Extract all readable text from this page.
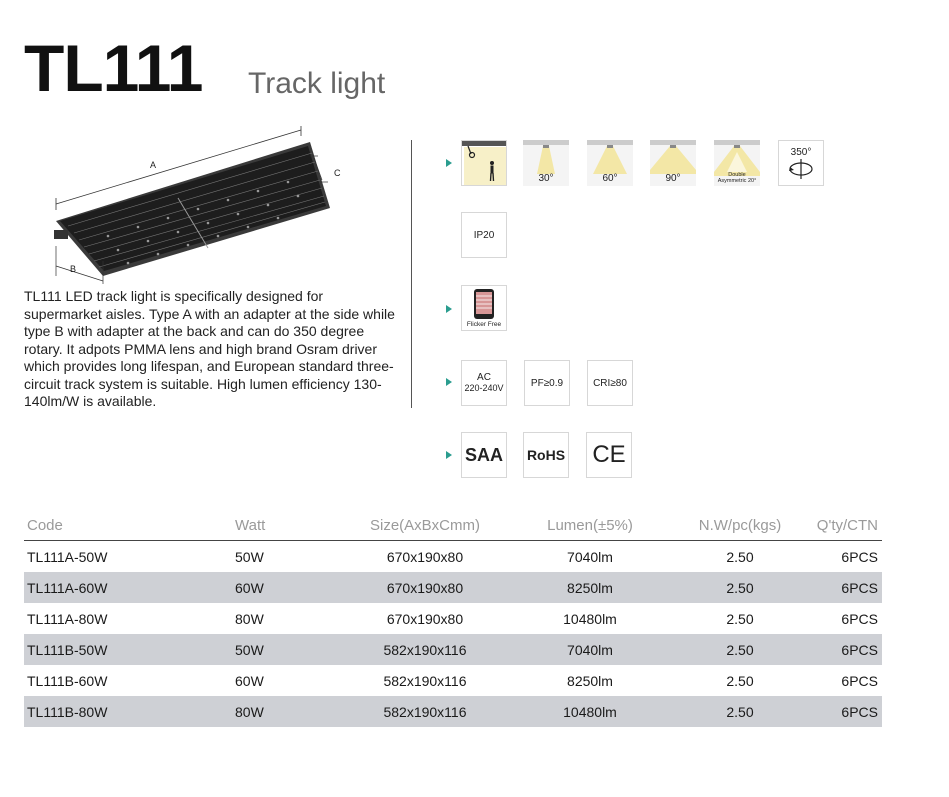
TL111 Track light
A
C
B
TL111 LED track light is specifically designed for supermarket aisles. Type A with an adapter at the side while type B with adapter at the back and can do 350 degree rotary. It adpots PMMA lens and high brand Osram driver which provides long lifespan, and European standard three-circuit track system is suitable. High lumen efficiency 130-140lm/W is available.
30°	60°	90°	Double Asymmetric 20°
350°
IP20
Flicker Free
AC
220-240V	PF≥0.9	CRI≥80
SAA RoHS CE
Code	Watt	Size(AxBxCmm)	Lumen(±5%)	N.W/pc(kgs)	Q'ty/CTN
TL111A-50W	50W	670x190x80	7040lm	2.50	6PCS
TL111A-60W	60W	670x190x80	8250lm	2.50	6PCS
TL111A-80W	80W	670x190x80	10480lm	2.50	6PCS
TL111B-50W	50W	582x190x116	7040lm	2.50	6PCS
TL111B-60W	60W	582x190x116	8250lm	2.50	6PCS
TL111B-80W	80W	582x190x116	10480lm	2.50	6PCS
